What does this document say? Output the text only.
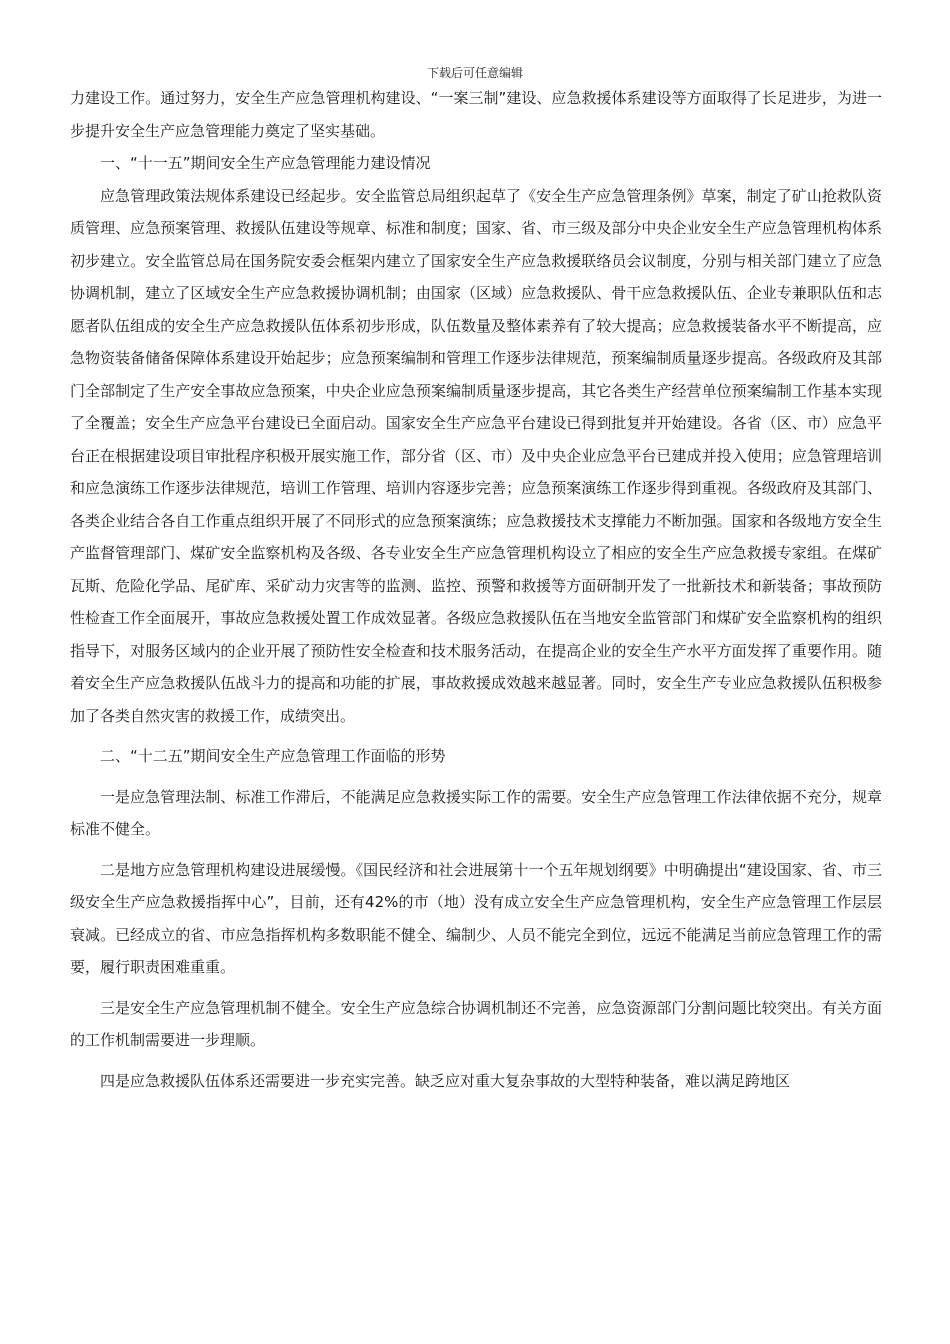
下载后可任意编辑

力建设工作。通过努力，安全生产应急管理机构建设、“一案三制”建设、应急救援体系建设等方面取得了长足进步，为进一步提升安全生产应急管理能力奠定了坚实基础。

一、“十一五”期间安全生产应急管理能力建设情况

应急管理政策法规体系建设已经起步。安全监管总局组织起草了《安全生产应急管理条例》草案，制定了矿山抢救队资质管理、应急预案管理、救援队伍建设等规章、标准和制度；国家、省、市三级及部分中央企业安全生产应急管理机构体系初步建立。安全监管总局在国务院安委会框架内建立了国家安全生产应急救援联络员会议制度，分别与相关部门建立了应急协调机制，建立了区域安全生产应急救援协调机制；由国家（区域）应急救援队、骨干应急救援队伍、企业专兼职队伍和志愿者队伍组成的安全生产应急救援队伍体系初步形成，队伍数量及整体素养有了较大提高；应急救援装备水平不断提高，应急物资装备储备保障体系建设开始起步；应急预案编制和管理工作逐步法律规范，预案编制质量逐步提高。各级政府及其部门全部制定了生产安全事故应急预案，中央企业应急预案编制质量逐步提高，其它各类生产经营单位预案编制工作基本实现了全覆盖；安全生产应急平台建设已全面启动。国家安全生产应急平台建设已得到批复并开始建设。各省（区、市）应急平台正在根据建设项目审批程序积极开展实施工作，部分省（区、市）及中央企业应急平台已建成并投入使用；应急管理培训和应急演练工作逐步法律规范，培训工作管理、培训内容逐步完善；应急预案演练工作逐步得到重视。各级政府及其部门、各类企业结合各自工作重点组织开展了不同形式的应急预案演练；应急救援技术支撑能力不断加强。国家和各级地方安全生产监督管理部门、煤矿安全监察机构及各级、各专业安全生产应急管理机构设立了相应的安全生产应急救援专家组。在煤矿瓦斯、危险化学品、尾矿库、采矿动力灾害等的监测、监控、预警和救援等方面研制开发了一批新技术和新装备；事故预防性检查工作全面展开，事故应急救援处置工作成效显著。各级应急救援队伍在当地安全监管部门和煤矿安全监察机构的组织指导下，对服务区域内的企业开展了预防性安全检查和技术服务活动，在提高企业的安全生产水平方面发挥了重要作用。随着安全生产应急救援队伍战斗力的提高和功能的扩展，事故救援成效越来越显著。同时，安全生产专业应急救援队伍积极参加了各类自然灾害的救援工作，成绩突出。

二、“十二五”期间安全生产应急管理工作面临的形势

一是应急管理法制、标准工作滞后，不能满足应急救援实际工作的需要。安全生产应急管理工作法律依据不充分，规章标准不健全。

二是地方应急管理机构建设进展缓慢。《国民经济和社会进展第十一个五年规划纲要》中明确提出“建设国家、省、市三级安全生产应急救援指挥中心”，目前，还有42%的市（地）没有成立安全生产应急管理机构，安全生产应急管理工作层层衰减。已经成立的省、市应急指挥机构多数职能不健全、编制少、人员不能完全到位，远远不能满足当前应急管理工作的需要，履行职责困难重重。

三是安全生产应急管理机制不健全。安全生产应急综合协调机制还不完善，应急资源部门分割问题比较突出。有关方面的工作机制需要进一步理顺。

四是应急救援队伍体系还需要进一步充实完善。缺乏应对重大复杂事故的大型特种装备，难以满足跨地区
